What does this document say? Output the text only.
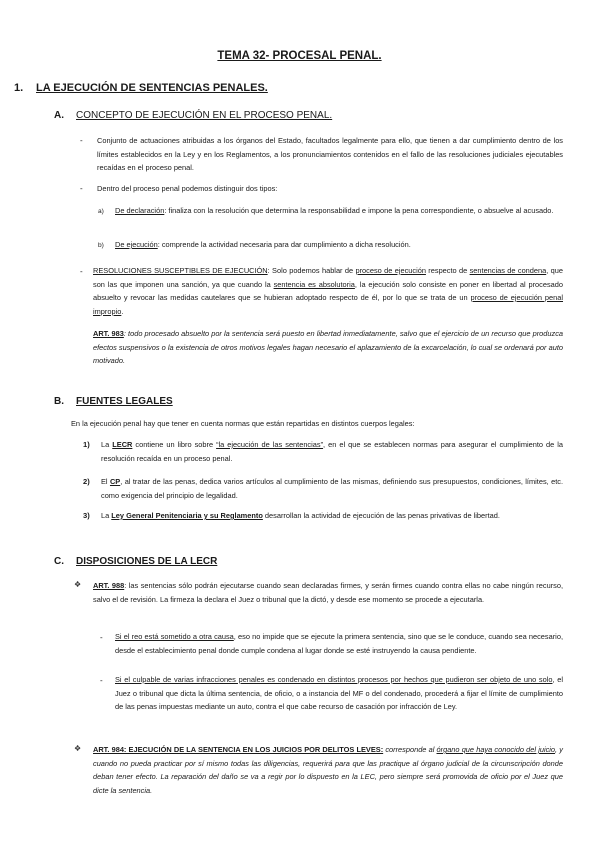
TEMA 32- PROCESAL PENAL.
1. LA EJECUCIÓN DE SENTENCIAS PENALES.
A. CONCEPTO DE EJECUCIÓN EN EL PROCESO PENAL.
- Conjunto de actuaciones atribuidas a los órganos del Estado, facultados legalmente para ello, que tienen a dar cumplimiento dentro de los límites establecidos en la Ley y en los Reglamentos, a los pronunciamientos contenidos en el fallo de las resoluciones judiciales ejecutables recaídas en el proceso penal.
- Dentro del proceso penal podemos distinguir dos tipos:
a) De declaración: finaliza con la resolución que determina la responsabilidad e impone la pena correspondiente, o absuelve al acusado.
b) De ejecución: comprende la actividad necesaria para dar cumplimiento a dicha resolución.
- RESOLUCIONES SUSCEPTIBLES DE EJECUCIÓN: Solo podemos hablar de proceso de ejecución respecto de sentencias de condena, que son las que imponen una sanción, ya que cuando la sentencia es absolutoria, la ejecución solo consiste en poner en libertad al procesado absuelto y revocar las medidas cautelares que se hubieran adoptado respecto de él, por lo que se trata de un proceso de ejecución penal impropio.
ART. 983: todo procesado absuelto por la sentencia será puesto en libertad inmediatamente, salvo que el ejercicio de un recurso que produzca efectos suspensivos o la existencia de otros motivos legales hagan necesario el aplazamiento de la excarcelación, lo cual se ordenará por auto motivado.
B. FUENTES LEGALES
En la ejecución penal hay que tener en cuenta normas que están repartidas en distintos cuerpos legales:
1) La LECR contiene un libro sobre “la ejecución de las sentencias”, en el que se establecen normas para asegurar el cumplimiento de la resolución recaída en un proceso penal.
2) El CP, al tratar de las penas, dedica varios artículos al cumplimiento de las mismas, definiendo sus presupuestos, condiciones, límites, etc. como exigencia del principio de legalidad.
3) La Ley General Penitenciaria y su Reglamento desarrollan la actividad de ejecución de las penas privativas de libertad.
C. DISPOSICIONES DE LA LECR
❖ ART. 988: las sentencias sólo podrán ejecutarse cuando sean declaradas firmes, y serán firmes cuando contra ellas no cabe ningún recurso, salvo el de revisión. La firmeza la declara el Juez o tribunal que la dictó, y desde ese momento se procede a ejecutarla.
- Si el reo está sometido a otra causa, eso no impide que se ejecute la primera sentencia, sino que se le conduce, cuando sea necesario, desde el establecimiento penal donde cumple condena al lugar donde se esté instruyendo la causa pendiente.
- Si el culpable de varias infracciones penales es condenado en distintos procesos por hechos que pudieron ser objeto de uno solo, el Juez o tribunal que dicta la última sentencia, de oficio, o a instancia del MF o del condenado, procederá a fijar el límite de cumplimiento de las penas impuestas mediante un auto, contra el que cabe recurso de casación por infracción de Ley.
❖ ART. 984: EJECUCIÓN DE LA SENTENCIA EN LOS JUICIOS POR DELITOS LEVES: corresponde al órgano que haya conocido del juicio, y cuando no pueda practicar por sí mismo todas las diligencias, requerirá para que las practique al órgano judicial de la circunscripción donde deban tener efecto. La reparación del daño se va a regir por lo dispuesto en la LEC, pero siempre será promovida de oficio por el Juez que dicte la sentencia.
